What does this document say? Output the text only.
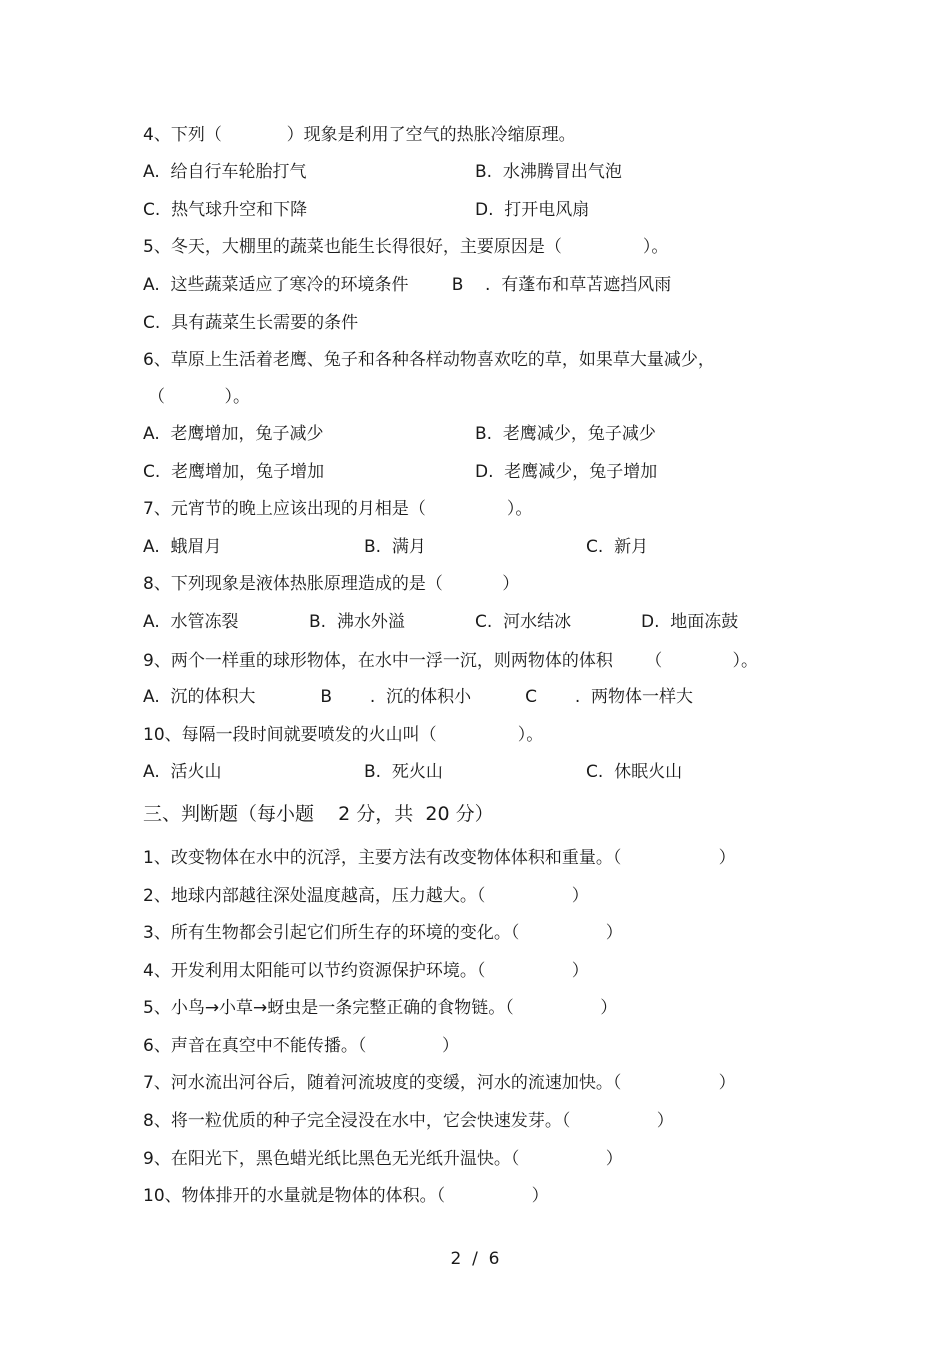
4、下列（            ）现象是利用了空气的热胀冷缩原理。
A.  给自行车轮胎打气	B.  水沸腾冒出气泡
C.  热气球升空和下降	D.  打开电风扇
5、冬天，大棚里的蔬菜也能生长得很好，主要原因是（               ）。
A.  这些蔬菜适应了寒冷的环境条件        B    .  有蓬布和草苫遮挡风雨
C.  具有蔬菜生长需要的条件
6、草原上生活着老鹰、兔子和各种各样动物喜欢吃的草，如果草大量减少，
（           ）。
A.  老鹰增加，兔子减少	B.  老鹰减少，兔子减少
C.  老鹰增加，兔子增加	D.  老鹰减少，兔子增加
7、元宵节的晚上应该出现的月相是（               ）。
A.  蛾眉月	B.  满月	C.  新月
8、下列现象是液体热胀原理造成的是（           ）
A.  水管冻裂	B.  沸水外溢	C.  河水结冰	D.  地面冻鼓
9、两个一样重的球形物体，在水中一浮一沉，则两物体的体积      （             ）。
A.  沉的体积大            B       .  沉的体积小          C       .  两物体一样大
10、每隔一段时间就要喷发的火山叫（               ）。
A.  活火山	B.  死火山	C.  休眠火山
三、判断题（每小题    2 分，共  20 分）
1、改变物体在水中的沉浮，主要方法有改变物体体积和重量。（                  ）
2、地球内部越往深处温度越高，压力越大。（                ）
3、所有生物都会引起它们所生存的环境的变化。（                ）
4、开发利用太阳能可以节约资源保护环境。（                ）
5、小鸟→小草→蚜虫是一条完整正确的食物链。（                ）
6、声音在真空中不能传播。（              ）
7、河水流出河谷后，随着河流坡度的变缓，河水的流速加快。（                  ）
8、将一粒优质的种子完全浸没在水中，它会快速发芽。（                ）
9、在阳光下，黑色蜡光纸比黑色无光纸升温快。（                ）
10、物体排开的水量就是物体的体积。（                ）
2  /  6
